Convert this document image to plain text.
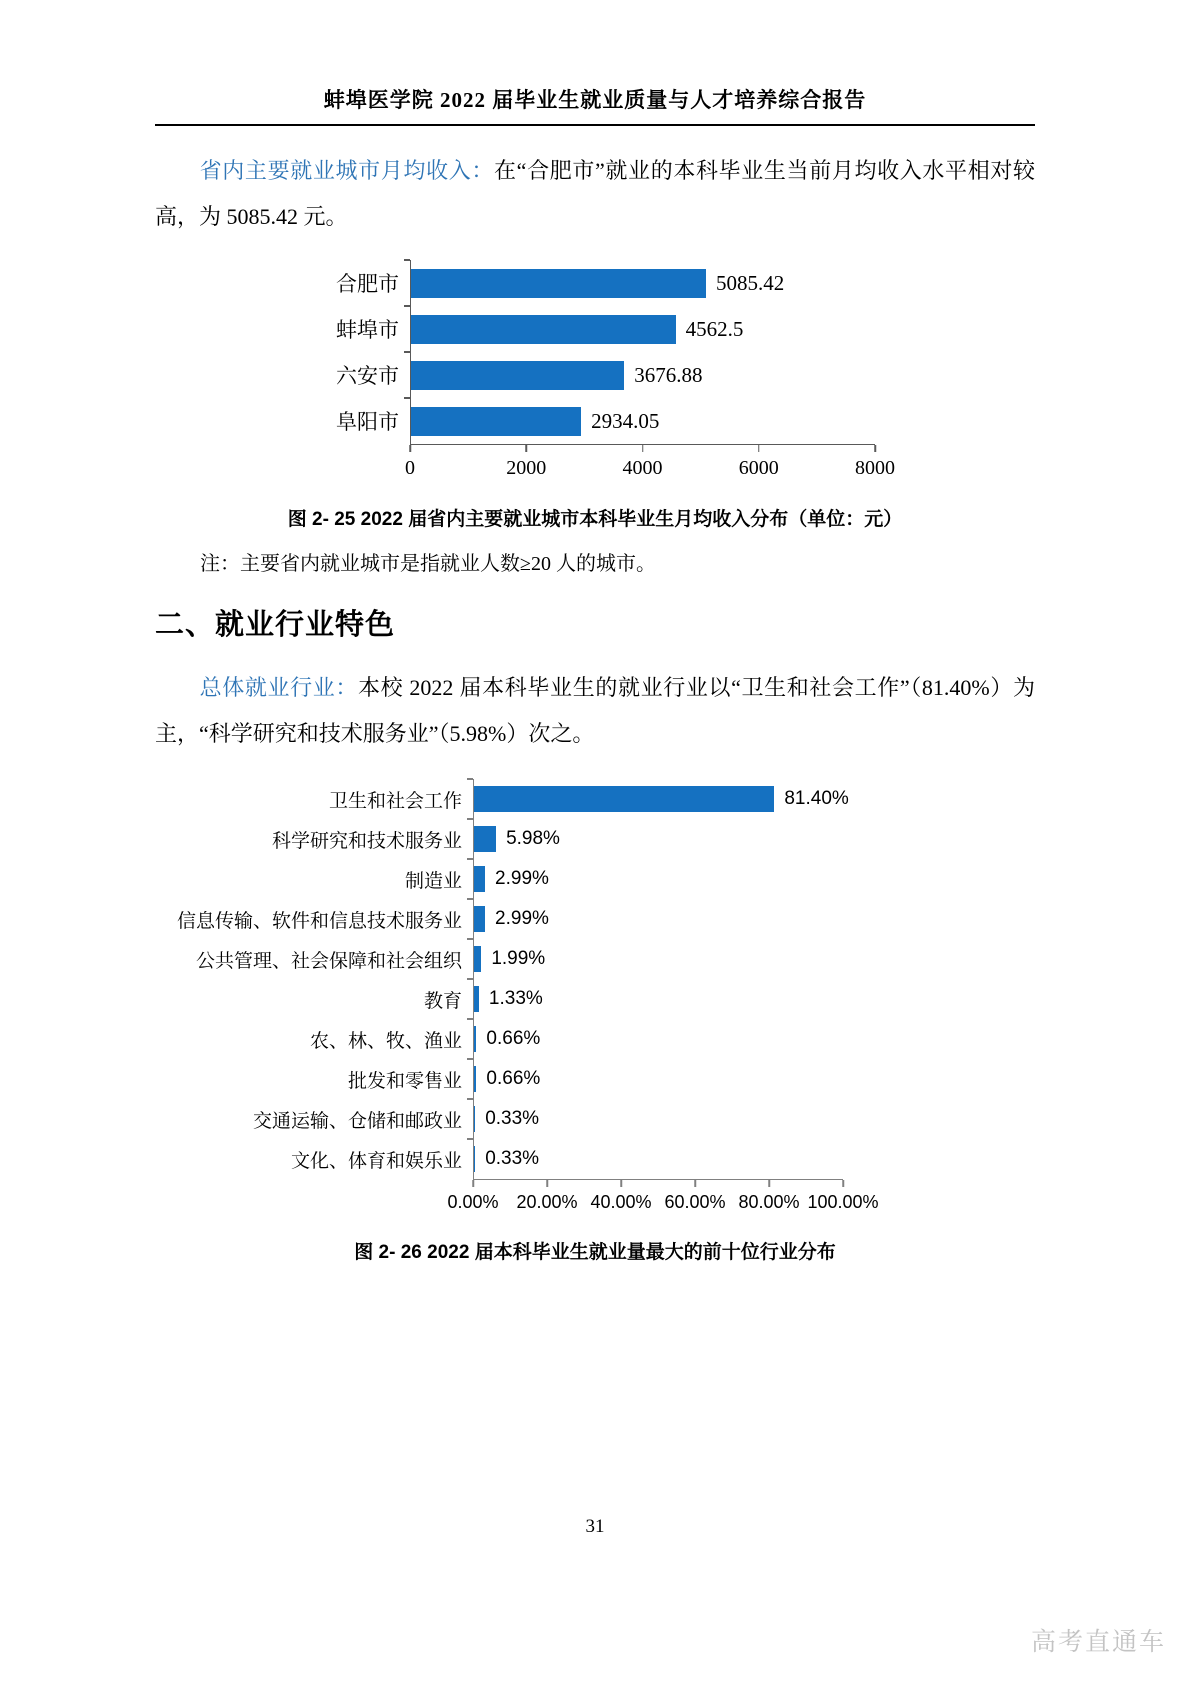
蚌埠医学院 2022 届毕业生就业质量与人才培养综合报告

省内主要就业城市月均收入：在“合肥市”就业的本科毕业生当前月均收入水平相对较高，为 5085.42 元。

合肥市	5085.42
蚌埠市	4562.5
六安市	3676.88
阜阳市	2934.05
0	2000	4000	6000	8000
图 2- 25 2022 届省内主要就业城市本科毕业生月均收入分布（单位：元）
注：主要省内就业城市是指就业人数≥20 人的城市。
二、就业行业特色

总体就业行业：本校 2022 届本科毕业生的就业行业以“卫生和社会工作”（81.40%）为主，“科学研究和技术服务业”（5.98%）次之。

卫生和社会工作	81.40%
科学研究和技术服务业	5.98%
制造业	2.99%
信息传输、软件和信息技术服务业	2.99%
公共管理、社会保障和社会组织	1.99%
教育	1.33%
农、林、牧、渔业	0.66%
批发和零售业	0.66%
交通运输、仓储和邮政业	0.33%
文化、体育和娱乐业	0.33%
0.00% 20.00% 40.00% 60.00% 80.00% 100.00%
图 2- 26 2022 届本科毕业生就业量最大的前十位行业分布
31
高考直通车
